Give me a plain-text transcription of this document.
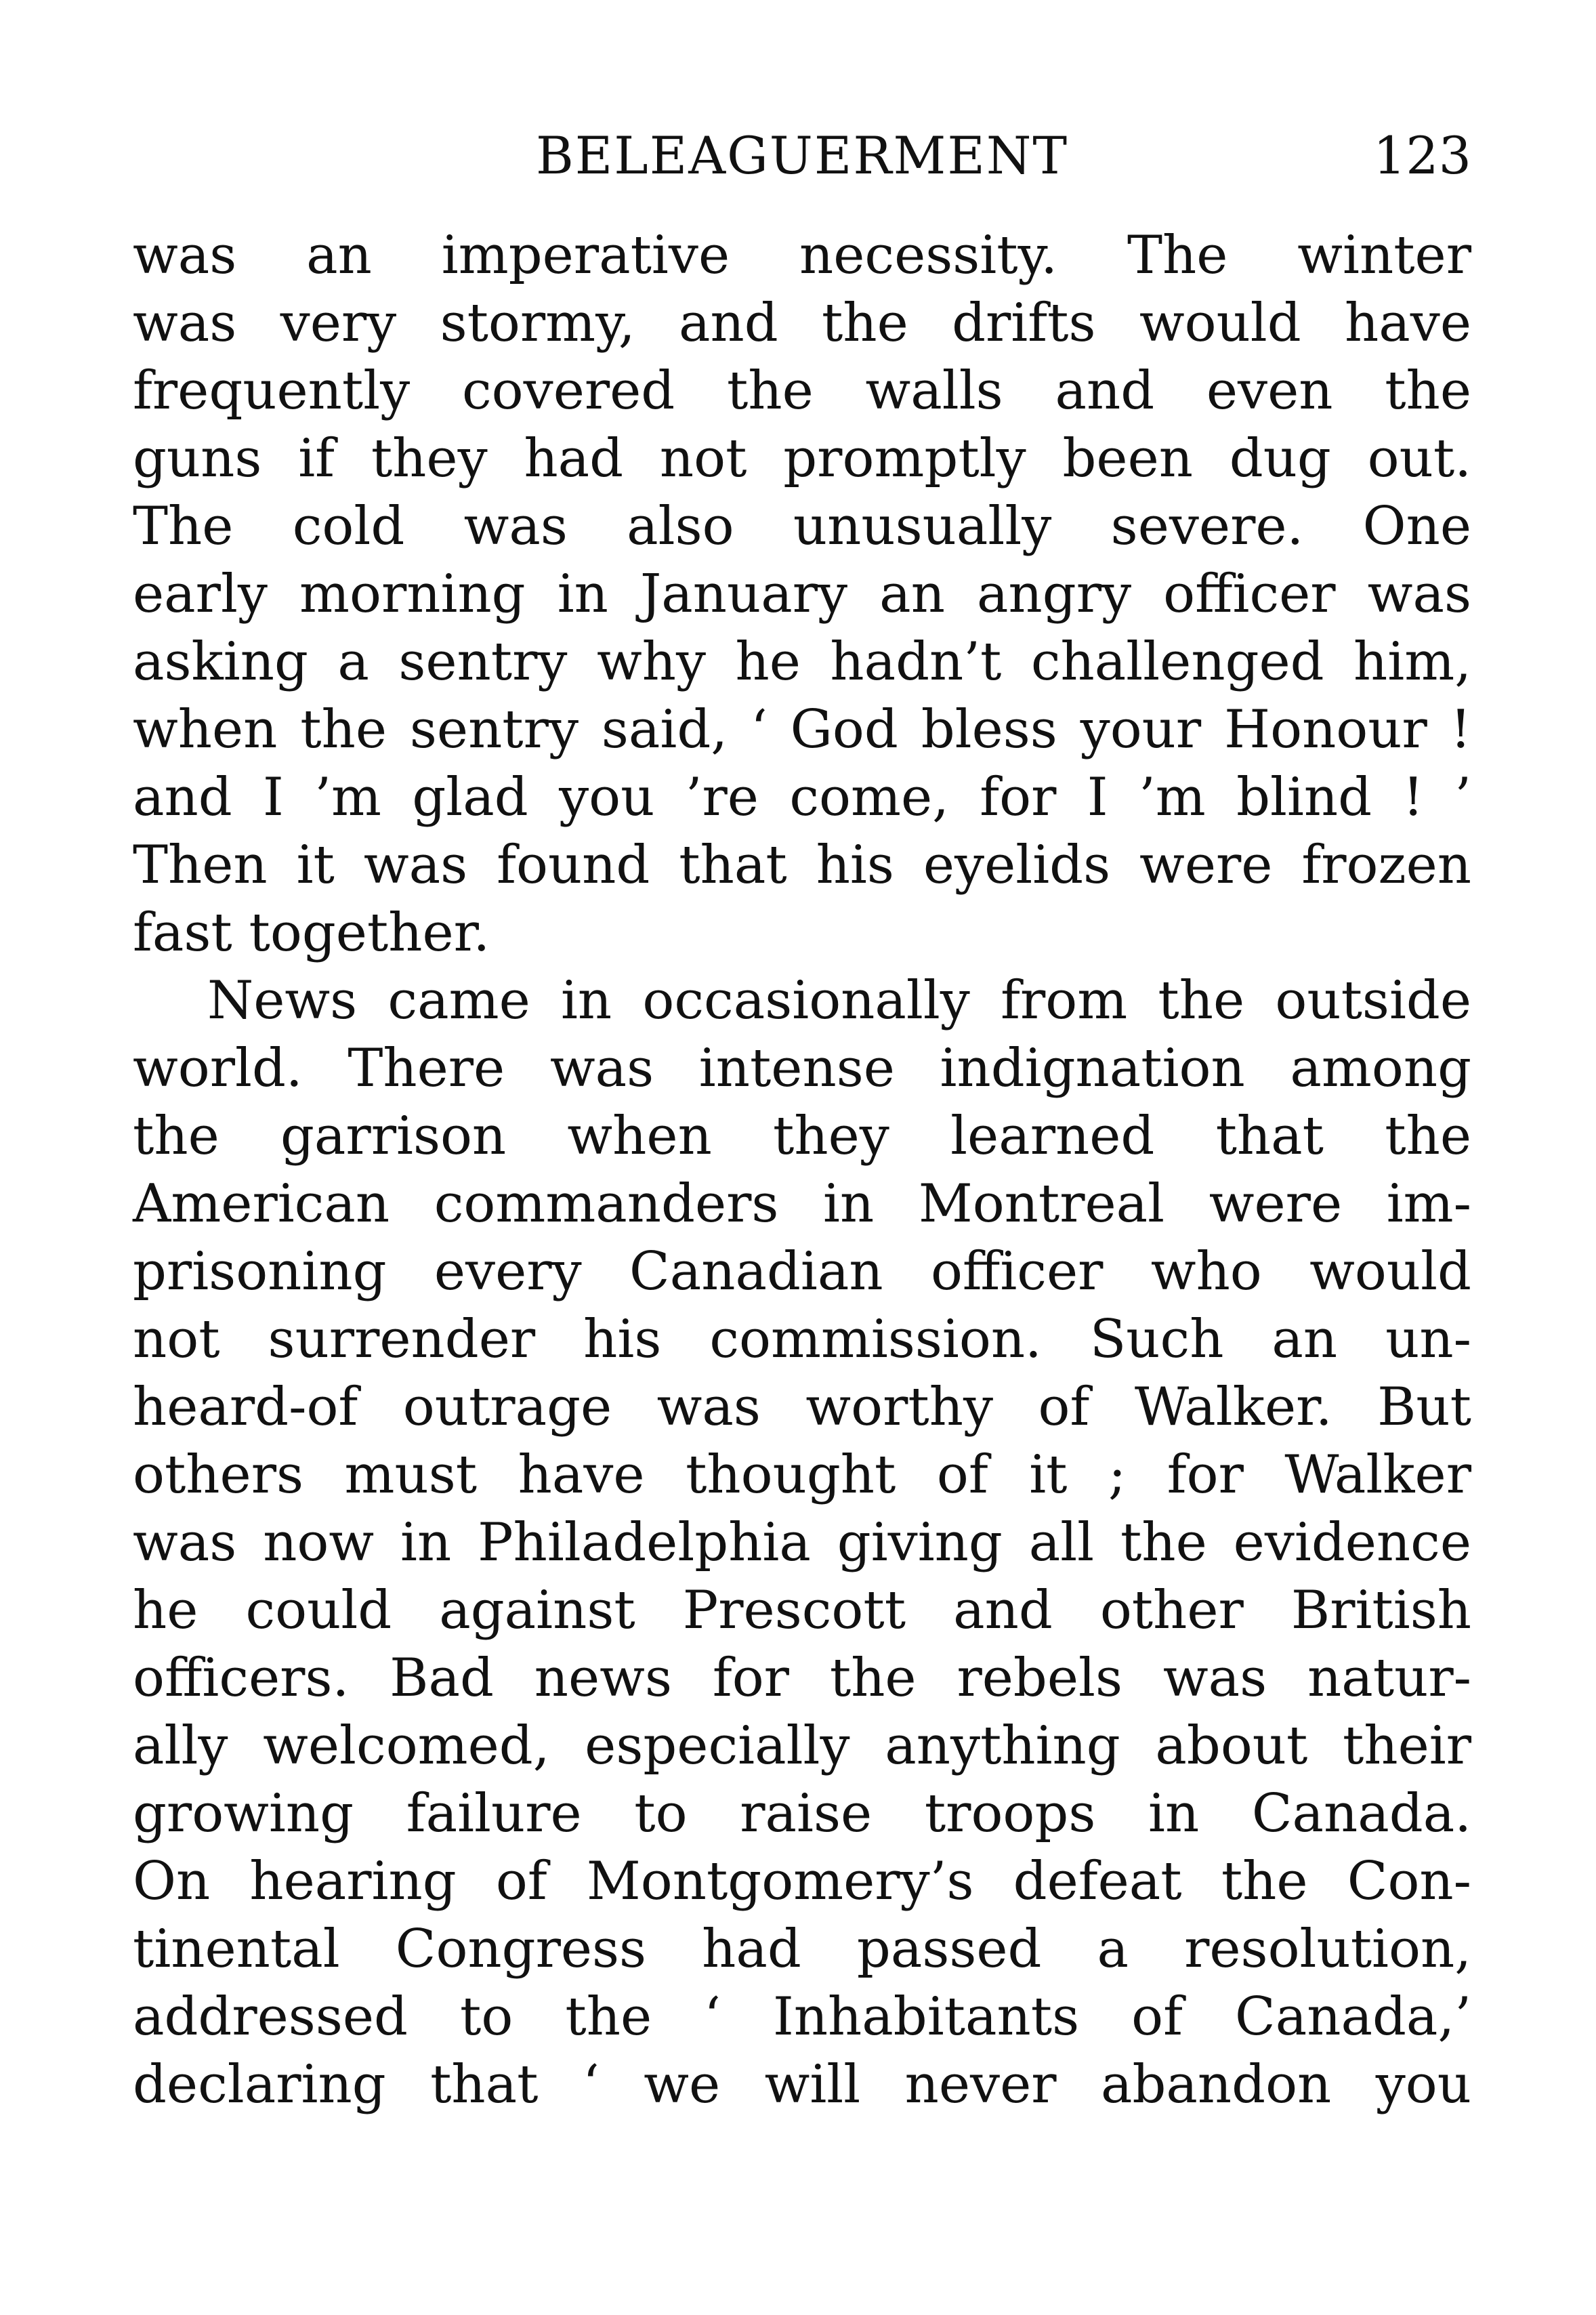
BELEAGUERMENT	123
was an imperative necessity. The winter
was very stormy, and the drifts would have
frequently covered the walls and even the
guns if they had not promptly been dug out.
The cold was also unusually severe. One
early morning in January an angry officer was
asking a sentry why he hadn’t challenged him,
when the sentry said, ‘ God bless your Honour !
and I ’m glad you ’re come, for I ’m blind ! ’
Then it was found that his eyelids were frozen
fast together.
News came in occasionally from the outside
world. There was intense indignation among
the garrison when they learned that the
American commanders in Montreal were im-
prisoning every Canadian officer who would
not surrender his commission. Such an un-
heard-of outrage was worthy of Walker. But
others must have thought of it ; for Walker
was now in Philadelphia giving all the evidence
he could against Prescott and other British
officers. Bad news for the rebels was natur-
ally welcomed, especially anything about their
growing failure to raise troops in Canada.
On hearing of Montgomery’s defeat the Con-
tinental Congress had passed a resolution,
addressed to the ‘ Inhabitants of Canada,’
declaring that ‘ we will never abandon you
